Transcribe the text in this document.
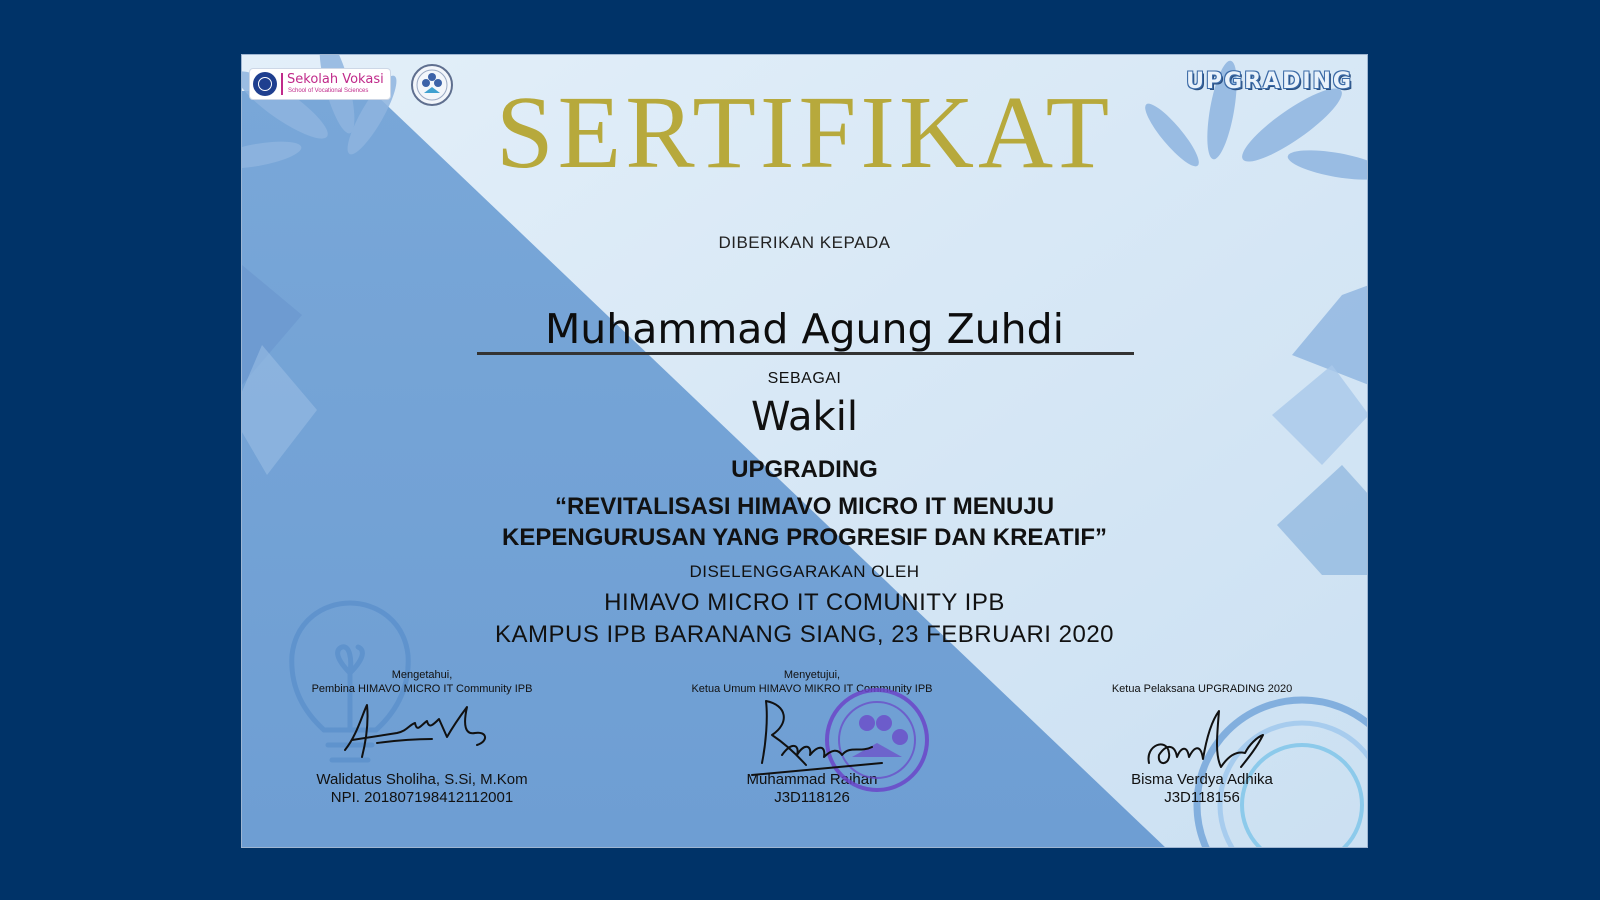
Sekolah Vokasi
School of Vocational Sciences	UPGRADING
SERTIFIKAT
DIBERIKAN KEPADA
Muhammad Agung Zuhdi
SEBAGAI
Wakil
UPGRADING
“REVITALISASI HIMAVO MICRO IT MENUJU
KEPENGURUSAN YANG PROGRESIF DAN KREATIF”
DISELENGGARAKAN OLEH
HIMAVO MICRO IT COMUNITY IPB
KAMPUS IPB BARANANG SIANG, 23 FEBRUARI 2020
Mengetahui,
Pembina HIMAVO MICRO IT Community IPB
Walidatus Sholiha, S.Si, M.Kom
NPI. 201807198412112001
Menyetujui,
Ketua Umum HIMAVO MIKRO IT Community IPB
Muhammad Raihan
J3D118126
Ketua Pelaksana UPGRADING 2020
Bisma Verdya Adhika
J3D118156
